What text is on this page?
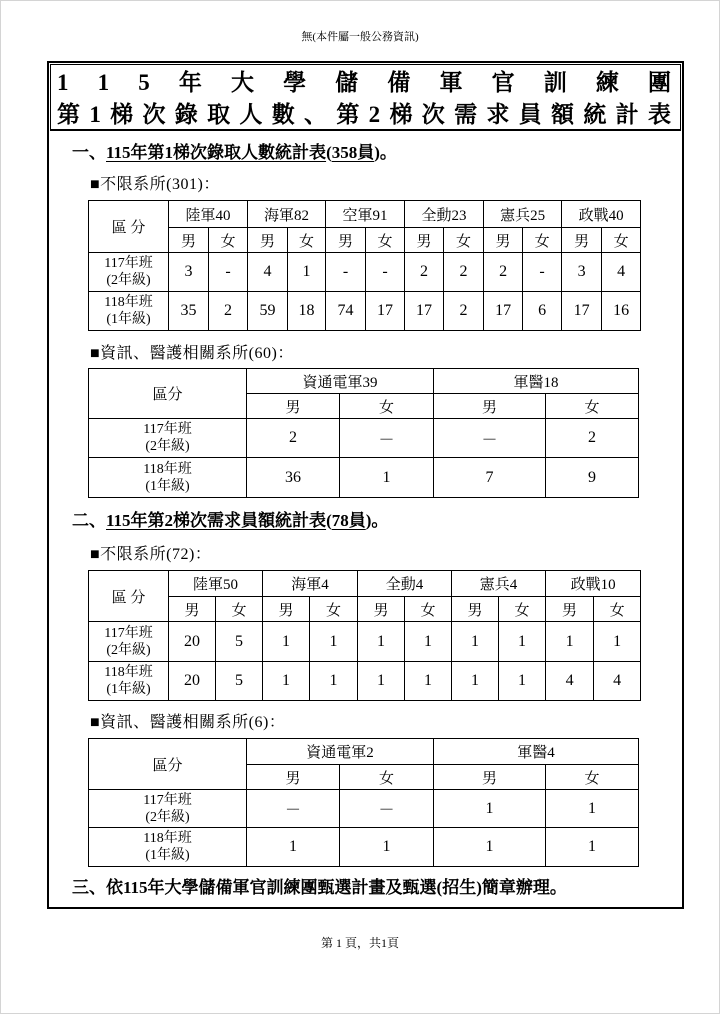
無(本件屬一般公務資訊)
1 1 5 年 大 學 儲 備 軍 官 訓 練 團
第 1 梯 次 錄 取 人 數 、 第 2 梯 次 需 求 員 額 統 計 表
一、115年第1梯次錄取人數統計表(358員)。
■不限系所(301)：
區 分	陸軍40		海軍82		空軍91		全動23		憲兵25		政戰40	
	男	女	男	女	男	女	男	女	男	女	男	女

117年班
(2年級)	3	-	4	1	-	-	2	2	2	-	3	4

118年班
(1年級)	35	2	59	18	74	17	17	2	17	6	17	16
■資訊、醫護相關系所(60)：
區分	資通電軍39		軍醫18	
	男	女	男	女

117年班
(2年級)	2	－	－	2

118年班
(1年級)	36	1	7	9
二、115年第2梯次需求員額統計表(78員)。
■不限系所(72)：
區 分	陸軍50		海軍4		全動4		憲兵4		政戰10	
	男	女	男	女	男	女	男	女	男	女

117年班
(2年級)	20	5	1	1	1	1	1	1	1	1

118年班
(1年級)	20	5	1	1	1	1	1	1	4	4
■資訊、醫護相關系所(6)：
區分	資通電軍2		軍醫4	
	男	女	男	女

117年班
(2年級)	－	－	1	1

118年班
(1年級)	1	1	1	1
三、依115年大學儲備軍官訓練團甄選計畫及甄選(招生)簡章辦理。
第 1 頁，共1頁
